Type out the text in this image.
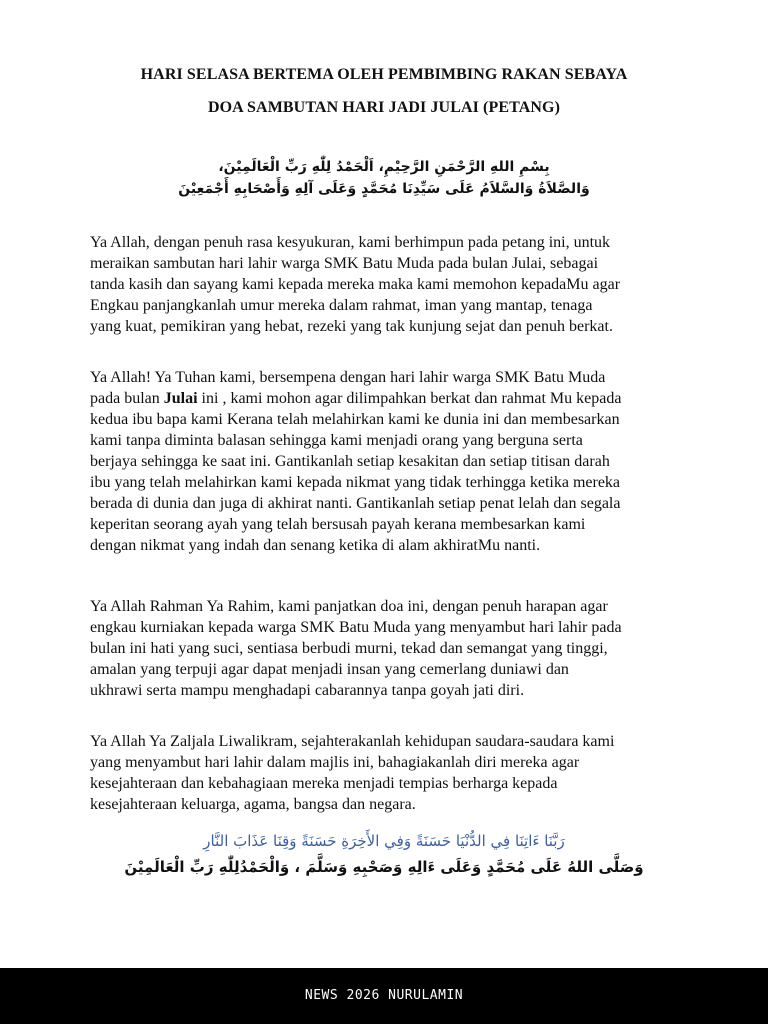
HARI SELASA BERTEMA OLEH PEMBIMBING RAKAN SEBAYA
DOA SAMBUTAN HARI JADI JULAI (PETANG)
بِسْمِ اللهِ الرَّحْمَنِ الرَّحِيْمِ، اَلْحَمْدُ لِلّٰهِ رَبِّ الْعَالَمِيْنَ،
وَالصَّلاَةُ وَالسَّلاَمُ عَلَى سَيِّدِنَا مُحَمَّدٍ وَعَلَى آلِهِ وَأَصْحَابِهِ أَجْمَعِيْنَ

Ya Allah, dengan penuh rasa kesyukuran, kami berhimpun pada petang ini, untuk
meraikan sambutan hari lahir warga SMK Batu Muda pada bulan Julai, sebagai
tanda kasih dan sayang kami kepada mereka maka kami memohon kepadaMu agar
Engkau panjangkanlah umur mereka dalam rahmat, iman yang mantap, tenaga
yang kuat, pemikiran yang hebat, rezeki yang tak kunjung sejat dan penuh berkat.

Ya Allah! Ya Tuhan kami, bersempena dengan hari lahir warga SMK Batu Muda
pada bulan Julai ini , kami mohon agar dilimpahkan berkat dan rahmat Mu kepada
kedua ibu bapa kami Kerana telah melahirkan kami ke dunia ini dan membesarkan
kami tanpa diminta balasan sehingga kami menjadi orang yang berguna serta
berjaya sehingga ke saat ini. Gantikanlah setiap kesakitan dan setiap titisan darah
ibu yang telah melahirkan kami kepada nikmat yang tidak terhingga ketika mereka
berada di dunia dan juga di akhirat nanti. Gantikanlah setiap penat lelah dan segala
keperitan seorang ayah yang telah bersusah payah kerana membesarkan kami
dengan nikmat yang indah dan senang ketika di alam akhiratMu nanti.

Ya Allah Rahman Ya Rahim, kami panjatkan doa ini, dengan penuh harapan agar
engkau kurniakan kepada warga SMK Batu Muda yang menyambut hari lahir pada
bulan ini hati yang suci, sentiasa berbudi murni, tekad dan semangat yang tinggi,
amalan yang terpuji agar dapat menjadi insan yang cemerlang duniawi dan
ukhrawi serta mampu menghadapi cabarannya tanpa goyah jati diri.

Ya Allah Ya Zaljala Liwalikram, sejahterakanlah kehidupan saudara-saudara kami
yang menyambut hari lahir dalam majlis ini, bahagiakanlah diri mereka agar
kesejahteraan dan kebahagiaan mereka menjadi tempias berharga kepada
kesejahteraan keluarga, agama, bangsa dan negara.

رَبَّنَا ءَاتِنَا فِي الدُّنْيَا حَسَنَةً وَفِي الأَخِرَةِ حَسَنَةً وَقِنَا عَذَابَ النَّارِ
وَصَلَّى اللهُ عَلَى مُحَمَّدٍ وَعَلَى ءَالِهِ وَصَحْبِهِ وَسَلَّمَ ، وَالْحَمْدُلِلّٰهِ رَبِّ الْعَالَمِيْنَ
NEWS 2026 NURULAMIN
